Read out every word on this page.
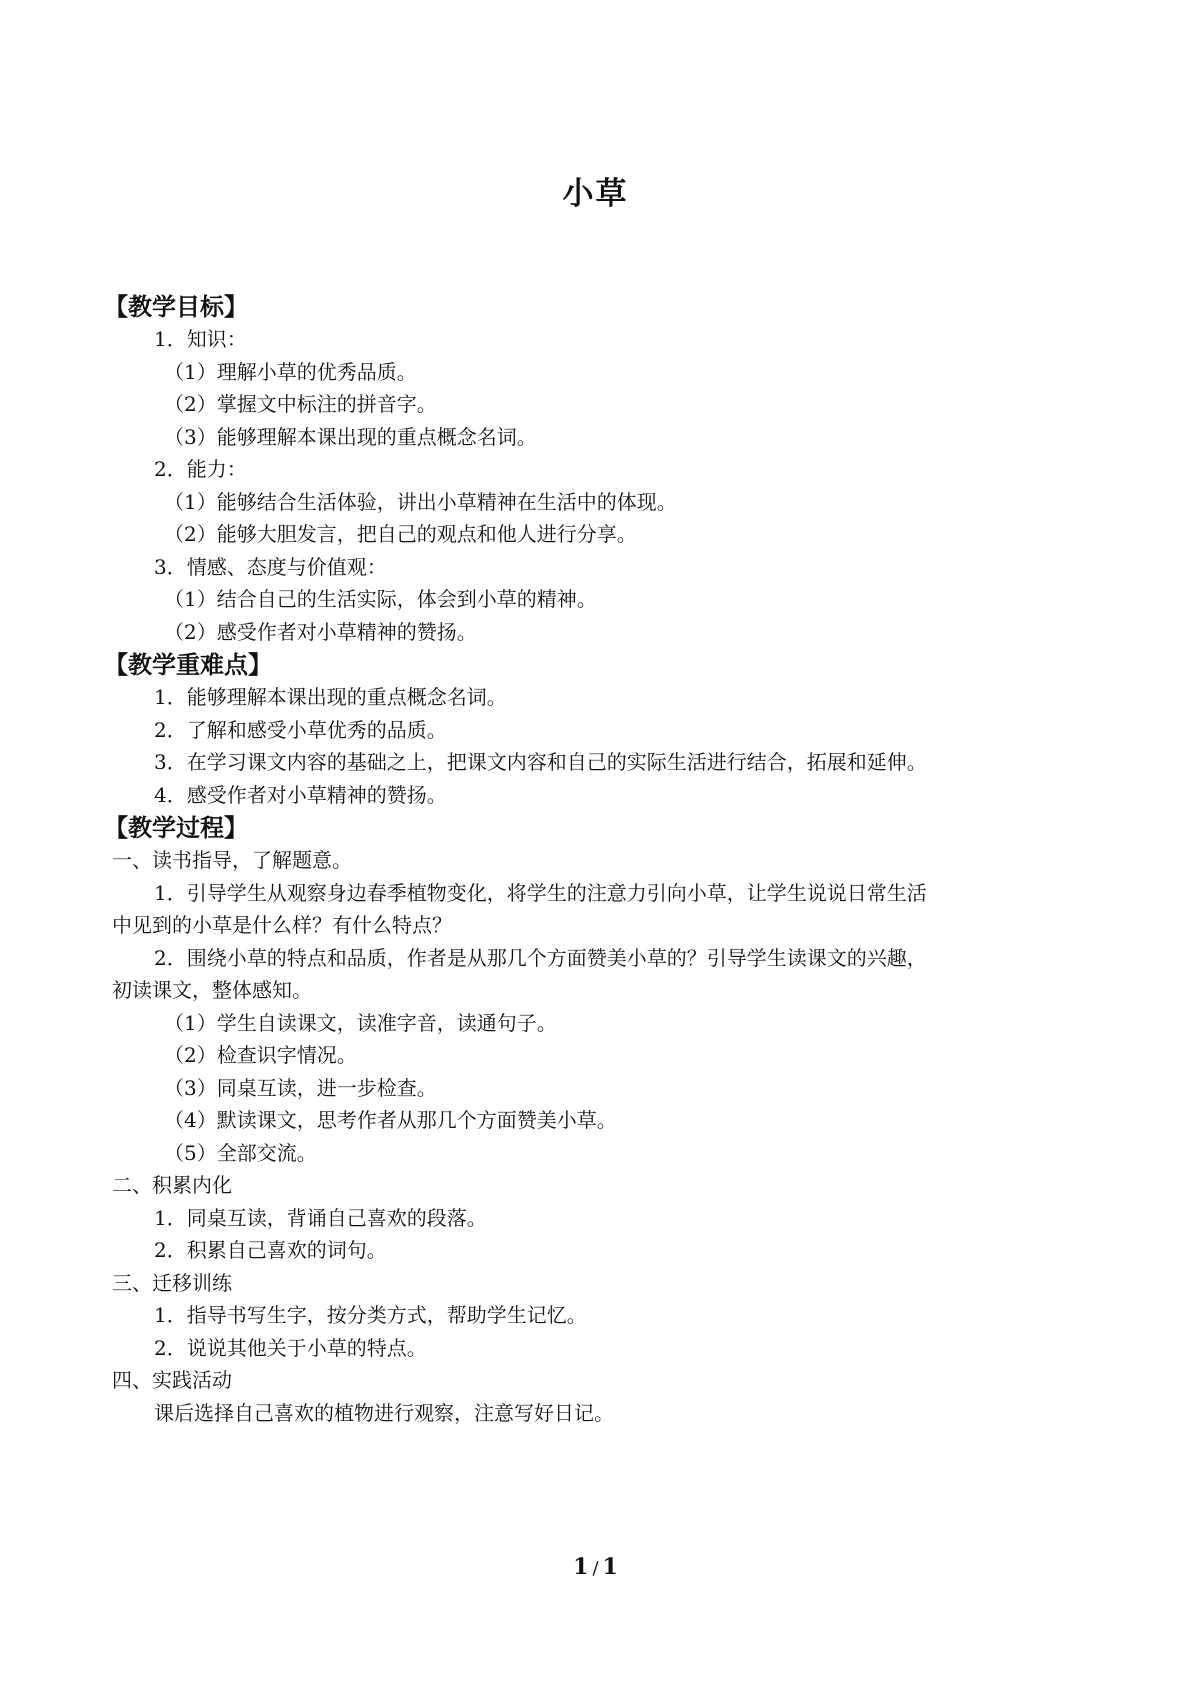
小草
【教学目标】
1．知识：
（1）理解小草的优秀品质。
（2）掌握文中标注的拼音字。
（3）能够理解本课出现的重点概念名词。
2．能力：
（1）能够结合生活体验，讲出小草精神在生活中的体现。
（2）能够大胆发言，把自己的观点和他人进行分享。
3．情感、态度与价值观：
（1）结合自己的生活实际，体会到小草的精神。
（2）感受作者对小草精神的赞扬。
【教学重难点】
1．能够理解本课出现的重点概念名词。
2．了解和感受小草优秀的品质。
3．在学习课文内容的基础之上，把课文内容和自己的实际生活进行结合，拓展和延伸。
4．感受作者对小草精神的赞扬。
【教学过程】
一、读书指导，了解题意。
1．引导学生从观察身边春季植物变化，将学生的注意力引向小草，让学生说说日常生活
中见到的小草是什么样？有什么特点？
2．围绕小草的特点和品质，作者是从那几个方面赞美小草的？引导学生读课文的兴趣，
初读课文，整体感知。
（1）学生自读课文，读准字音，读通句子。
（2）检查识字情况。
（3）同桌互读，进一步检查。
（4）默读课文，思考作者从那几个方面赞美小草。
（5）全部交流。
二、积累内化
1．同桌互读，背诵自己喜欢的段落。
2．积累自己喜欢的词句。
三、迁移训练
1．指导书写生字，按分类方式，帮助学生记忆。
2．说说其他关于小草的特点。
四、实践活动
课后选择自己喜欢的植物进行观察，注意写好日记。
1 / 1
